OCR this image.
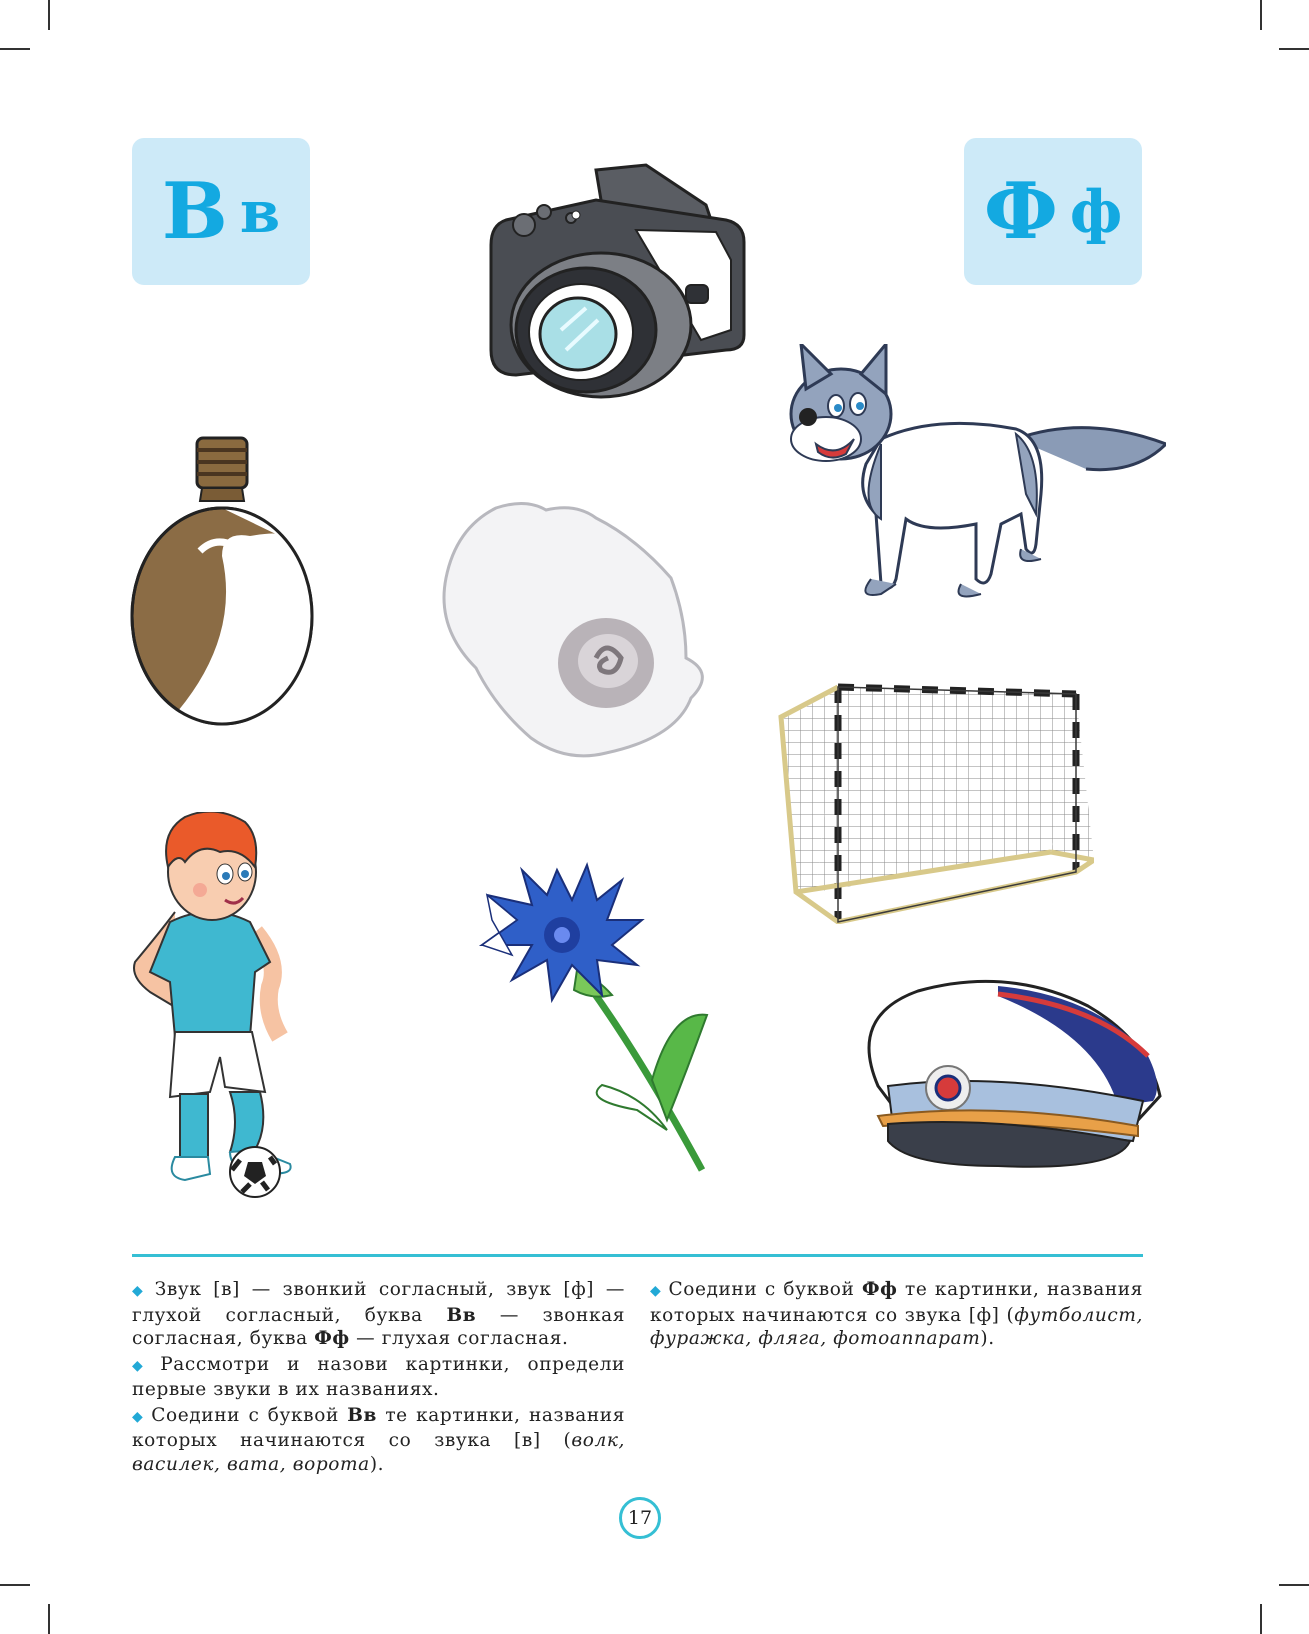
В в	Ф ф

◆ Звук [в] — звонкий согласный, звук [ф] — глухой согласный, буква Вв — звонкая согласная, буква Фф — глухая согласная.

◆ Рассмотри и назови картинки, определи первые звуки в их названиях.

◆ Соедини с буквой Вв те картинки, названия которых начинаются со звука [в] (волк, василек, вата, ворота).

◆ Соедини с буквой Фф те картинки, названия которых начинаются со звука [ф] (футболист, фуражка, фляга, фотоаппарат).

17
